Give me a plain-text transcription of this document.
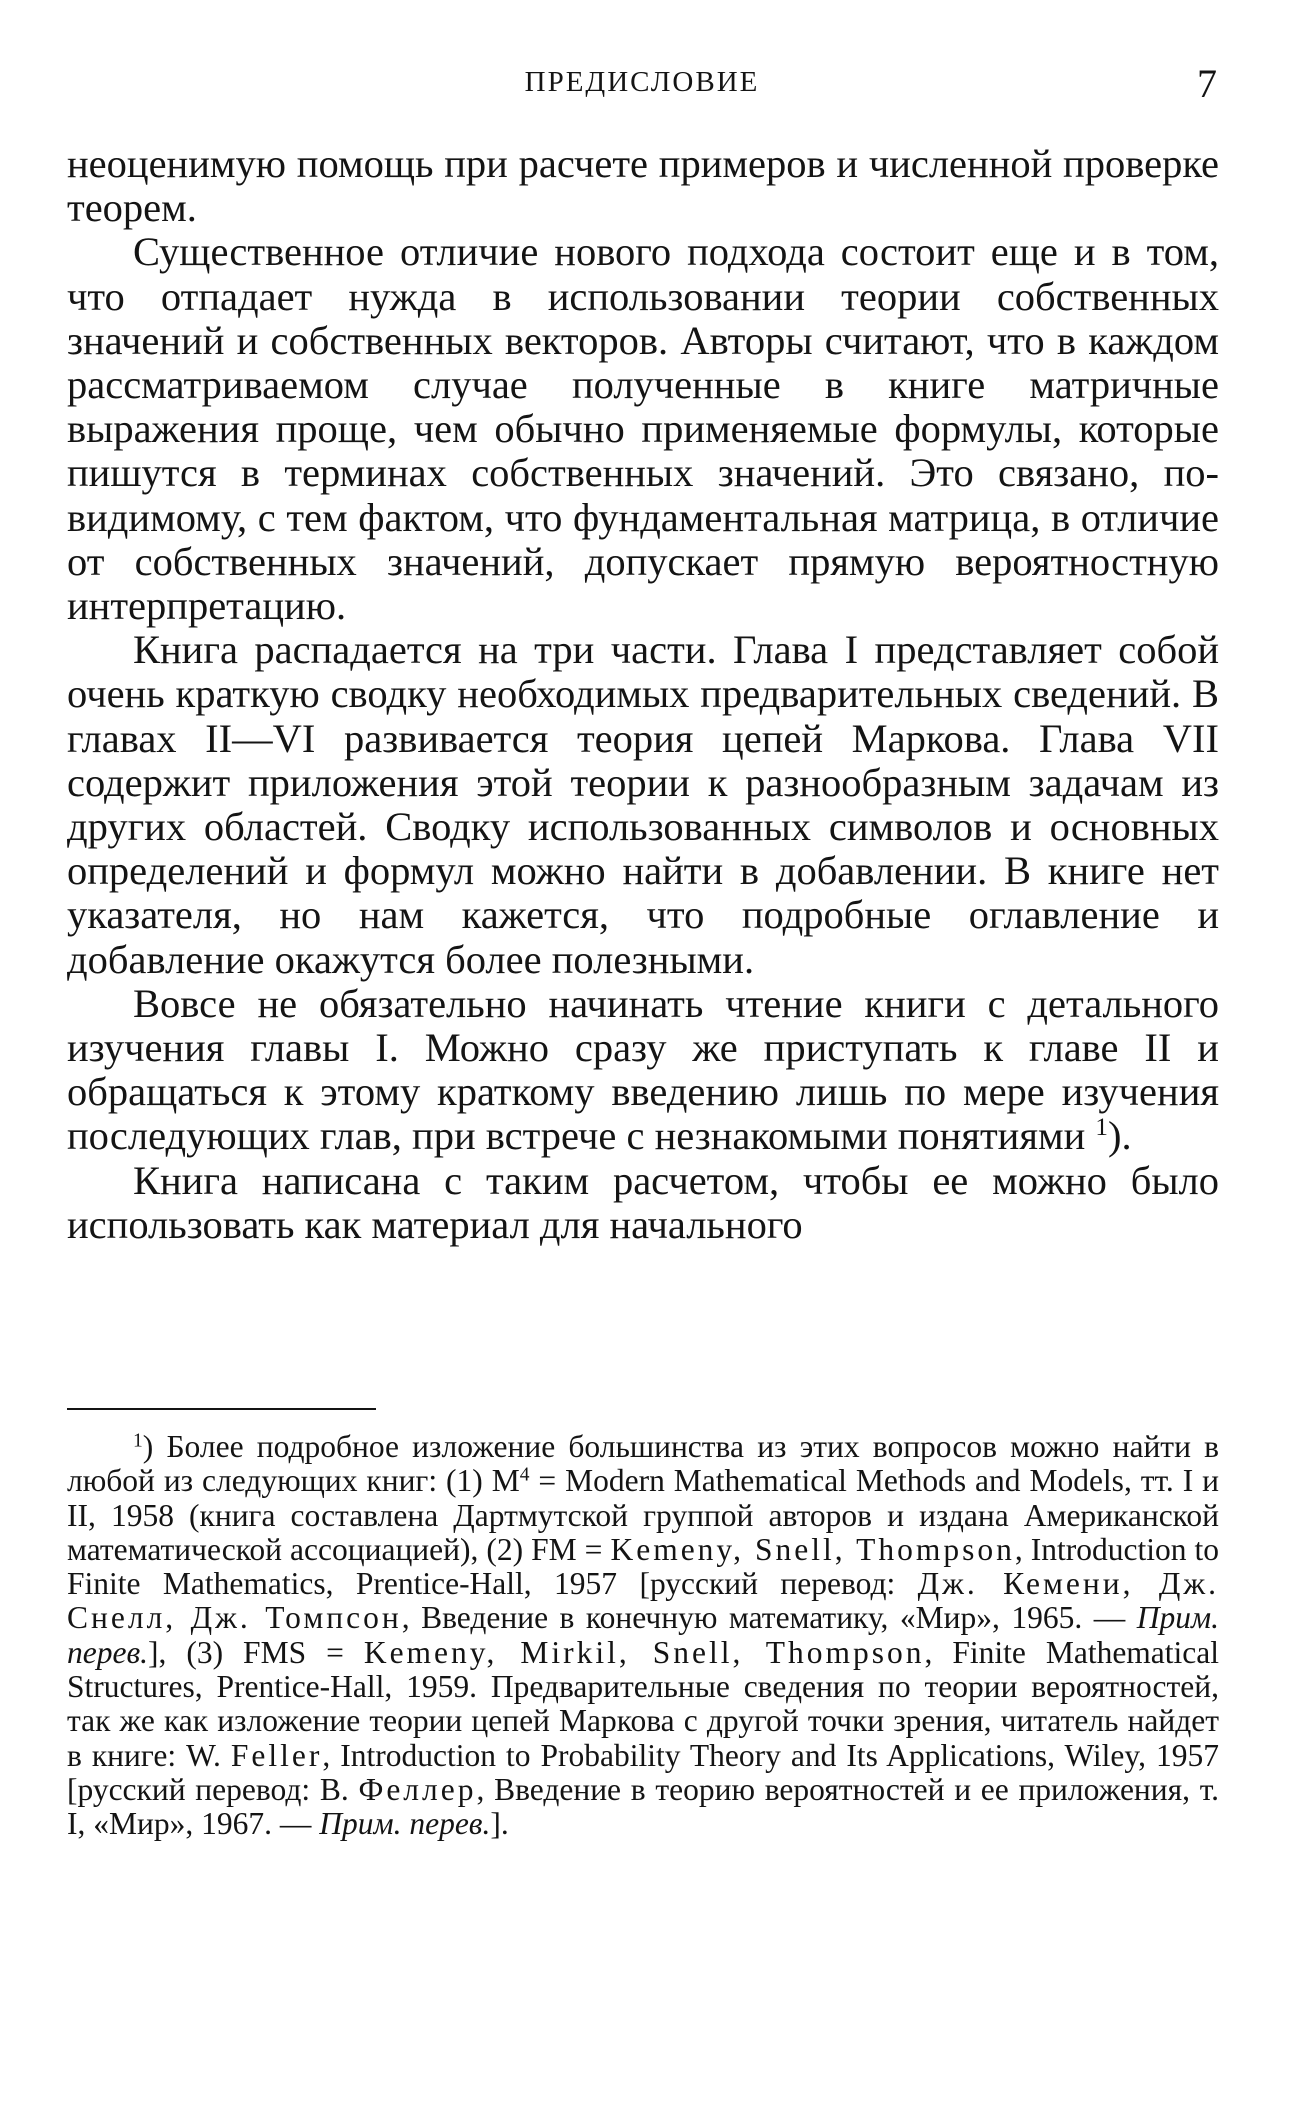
ПРЕДИСЛОВИЕ	7

неоценимую помощь при расчете примеров и численной проверке теорем.

Существенное отличие нового подхода состоит еще и в том, что отпадает нужда в использовании теории собственных значений и собственных векторов. Авторы считают, что в каждом рассматриваемом случае полученные в книге матричные выражения проще, чем обычно применяемые формулы, которые пишутся в терминах собственных значений. Это связано, по-видимому, с тем фактом, что фундаментальная матрица, в отличие от собственных значений, допускает прямую вероятностную интерпретацию.

Книга распадается на три части. Глава I представляет собой очень краткую сводку необходимых предварительных сведений. В главах II—VI развивается теория цепей Маркова. Глава VII содержит приложения этой теории к разнообразным задачам из других областей. Сводку использованных символов и основных определений и формул можно найти в добавлении. В книге нет указателя, но нам кажется, что подробные оглавление и добавление окажутся более полезными.

Вовсе не обязательно начинать чтение книги с детального изучения главы I. Можно сразу же приступать к главе II и обращаться к этому краткому введению лишь по мере изучения последующих глав, при встрече с незнакомыми понятиями $^1$).

Книга написана с таким расчетом, чтобы ее можно было использовать как материал для начального

$^1$) Более подробное изложение большинства из этих вопросов можно найти в любой из следующих книг: (1) $M^4$ = Modern Mathematical Methods and Models, тт. I и II, 1958 (книга составлена Дартмутской группой авторов и издана Американской математической ассоциацией), (2) FM = Kemeny, Snell, Thompson, Introduction to Finite Mathematics, Prentice-Hall, 1957 [русский перевод: Дж. Кемени, Дж. Снелл, Дж. Томпсон, Введение в конечную математику, «Мир», 1965. — Прим. перев.], (3) FMS = Kemeny, Mirkil, Snell, Thompson, Finite Mathematical Structures, Prentice-Hall, 1959. Предварительные сведения по теории вероятностей, так же как изложение теории цепей Маркова с другой точки зрения, читатель найдет в книге: W. Feller, Introduction to Probability Theory and Its Applications, Wiley, 1957 [русский перевод: В. Феллер, Введение в теорию вероятностей и ее приложения, т. I, «Мир», 1967. — Прим. перев.].
